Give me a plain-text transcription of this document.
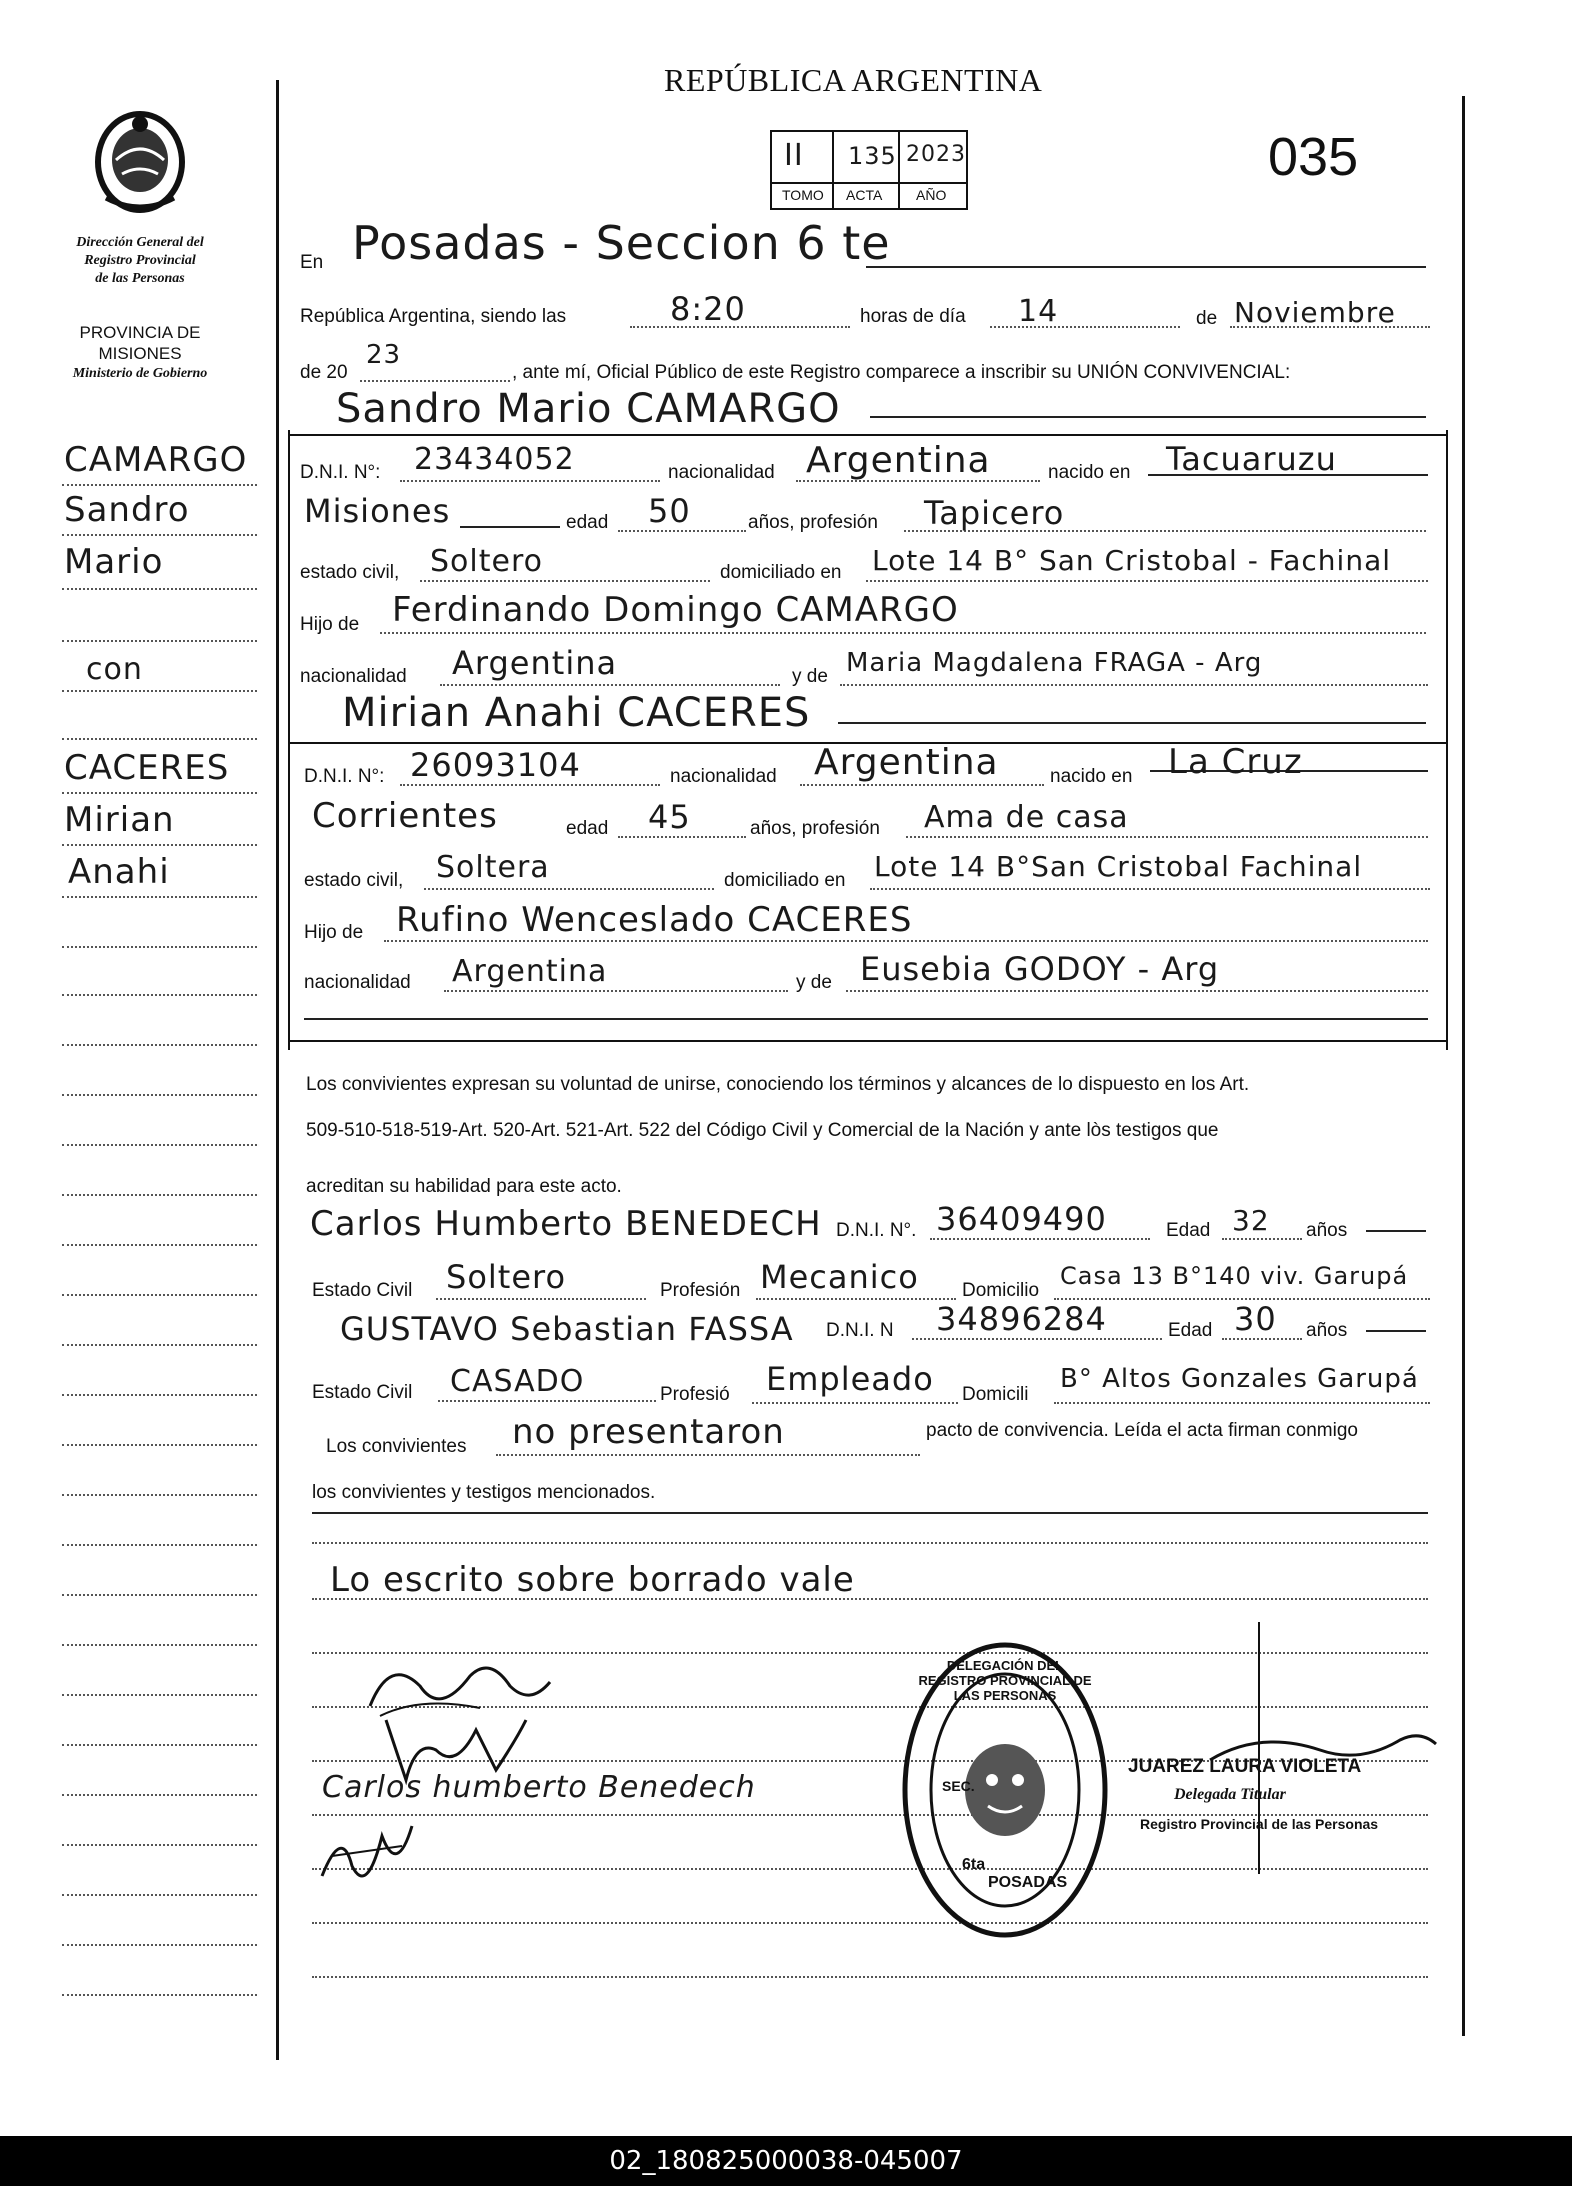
REPÚBLICA ARGENTINA
035
II 135 2023
TOMO ACTA AÑO
Dirección General del
Registro Provincial
de las Personas
PROVINCIA DE
MISIONES
Ministerio de Gobierno
CAMARGO
Sandro
Mario
con
CACERES
Mirian
Anahi
En Posadas - Seccion 6 te
República Argentina, siendo las	8:20	horas de día 14	de Noviembre
de 20
23
, ante mí, Oficial Público de este Registro comparece a inscribir su UNIÓN CONVIVENCIAL:
Sandro Mario CAMARGO
D.N.I. N°: 23434052	nacionalidad Argentina	nacido en Tacuaruzu
Misiones	edad 50	años, profesión Tapicero
estado civil, Soltero	domiciliado en Lote 14 B° San Cristobal - Fachinal
Hijo de Ferdinando Domingo CAMARGO
nacionalidad Argentina	y de Maria Magdalena FRAGA - Arg
Mirian Anahi CACERES
D.N.I. N°: 26093104	nacionalidad Argentina	nacido en La Cruz
Corrientes	edad 45	años, profesión Ama de casa
estado civil, Soltera	domiciliado en Lote 14 B°San Cristobal Fachinal
Hijo de Rufino Wenceslado CACERES
nacionalidad Argentina	y de Eusebia GODOY - Arg
Los convivientes expresan su voluntad de unirse, conociendo los términos y alcances de lo dispuesto en los Art.
509-510-518-519-Art. 520-Art. 521-Art. 522 del Código Civil y Comercial de la Nación y ante lòs testigos que
acreditan su habilidad para este acto.
Carlos Humberto BENEDECH D.N.I. N°. 36409490	Edad 32 años
Estado Civil Soltero	Profesión Mecanico Domicilio
Casa 13 B°140 viv. Garupá
GUSTAVO Sebastian FASSA D.N.I. N 34896284	Edad 30 años
Estado Civil CASADO	Profesió Empleado Domicili
B° Altos Gonzales Garupá
Los convivientes no presentaron	pacto de convivencia. Leída el acta firman conmigo
los convivientes y testigos mencionados.
Lo escrito sobre borrado vale
Carlos humberto Benedech
DELEGACIÓN DEL REGISTRO PROVINCIAL DE LAS PERSONAS
SEC.
6ta
POSADAS
JUAREZ LAURA VIOLETA
Delegada Titular
Registro Provincial de las Personas
02_180825000038-045007
